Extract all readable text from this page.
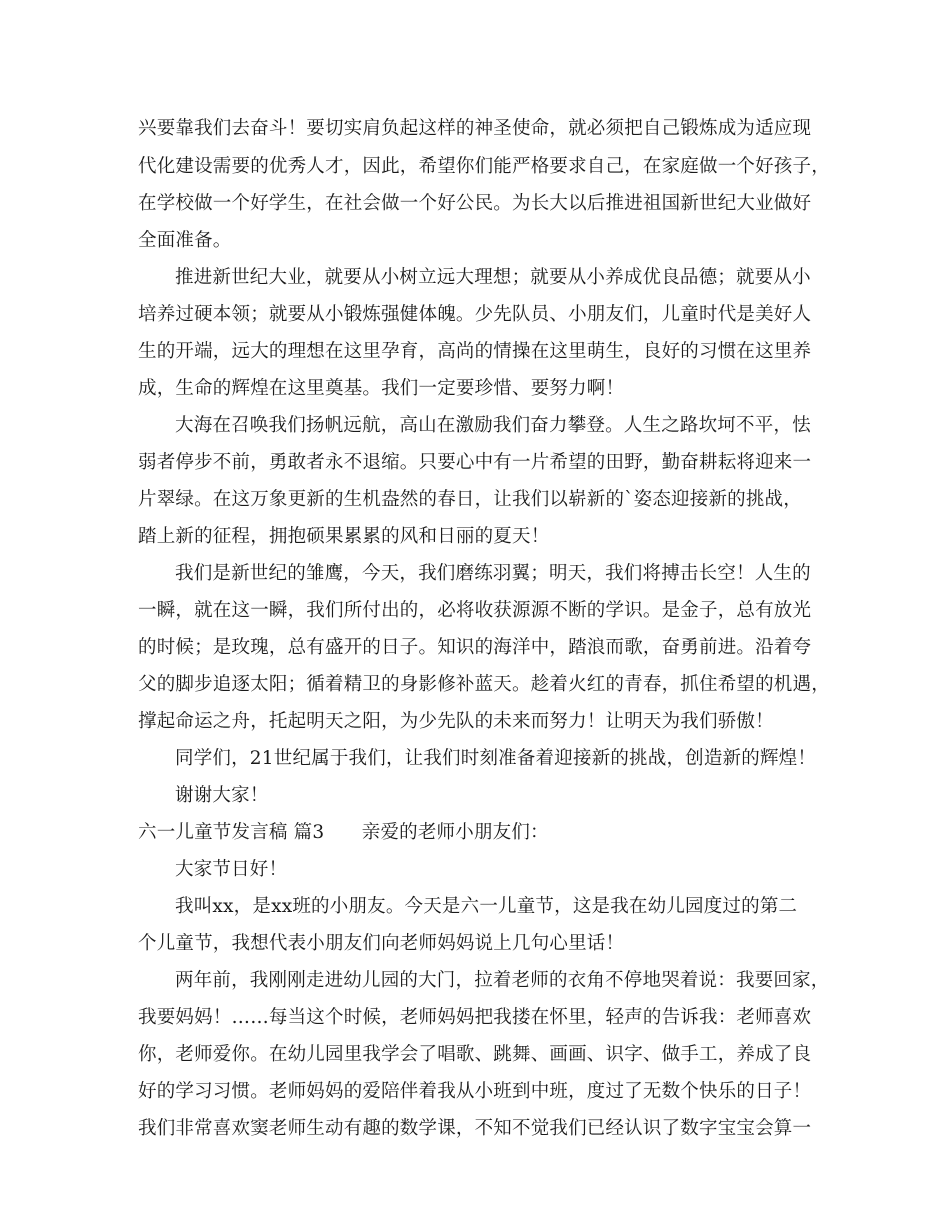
兴要靠我们去奋斗！要切实肩负起这样的神圣使命，就必须把自己锻炼成为适应现
代化建设需要的优秀人才，因此，希望你们能严格要求自己，在家庭做一个好孩子，
在学校做一个好学生，在社会做一个好公民。为长大以后推进祖国新世纪大业做好
全面准备。
推进新世纪大业，就要从小树立远大理想；就要从小养成优良品德；就要从小
培养过硬本领；就要从小锻炼强健体魄。少先队员、小朋友们，儿童时代是美好人
生的开端，远大的理想在这里孕育，高尚的情操在这里萌生，良好的习惯在这里养
成，生命的辉煌在这里奠基。我们一定要珍惜、要努力啊！
大海在召唤我们扬帆远航，高山在激励我们奋力攀登。人生之路坎坷不平，怯
弱者停步不前，勇敢者永不退缩。只要心中有一片希望的田野，勤奋耕耘将迎来一
片翠绿。在这万象更新的生机盎然的春日，让我们以崭新的`姿态迎接新的挑战，
踏上新的征程，拥抱硕果累累的风和日丽的夏天！
我们是新世纪的雏鹰，今天，我们磨练羽翼；明天，我们将搏击长空！人生的
一瞬，就在这一瞬，我们所付出的，必将收获源源不断的学识。是金子，总有放光
的时候；是玫瑰，总有盛开的日子。知识的海洋中，踏浪而歌，奋勇前进。沿着夸
父的脚步追逐太阳；循着精卫的身影修补蓝天。趁着火红的青春，抓住希望的机遇，
撑起命运之舟，托起明天之阳，为少先队的未来而努力！让明天为我们骄傲！
同学们，21世纪属于我们，让我们时刻准备着迎接新的挑战，创造新的辉煌！
谢谢大家！
六一儿童节发言稿 篇3　　亲爱的老师小朋友们：
大家节日好！
我叫xx，是xx班的小朋友。今天是六一儿童节，这是我在幼儿园度过的第二
个儿童节，我想代表小朋友们向老师妈妈说上几句心里话！
两年前，我刚刚走进幼儿园的大门，拉着老师的衣角不停地哭着说：我要回家，
我要妈妈！……每当这个时候，老师妈妈把我搂在怀里，轻声的告诉我：老师喜欢
你，老师爱你。在幼儿园里我学会了唱歌、跳舞、画画、识字、做手工，养成了良
好的学习习惯。老师妈妈的爱陪伴着我从小班到中班，度过了无数个快乐的日子！
我们非常喜欢窦老师生动有趣的数学课，不知不觉我们已经认识了数字宝宝会算一
